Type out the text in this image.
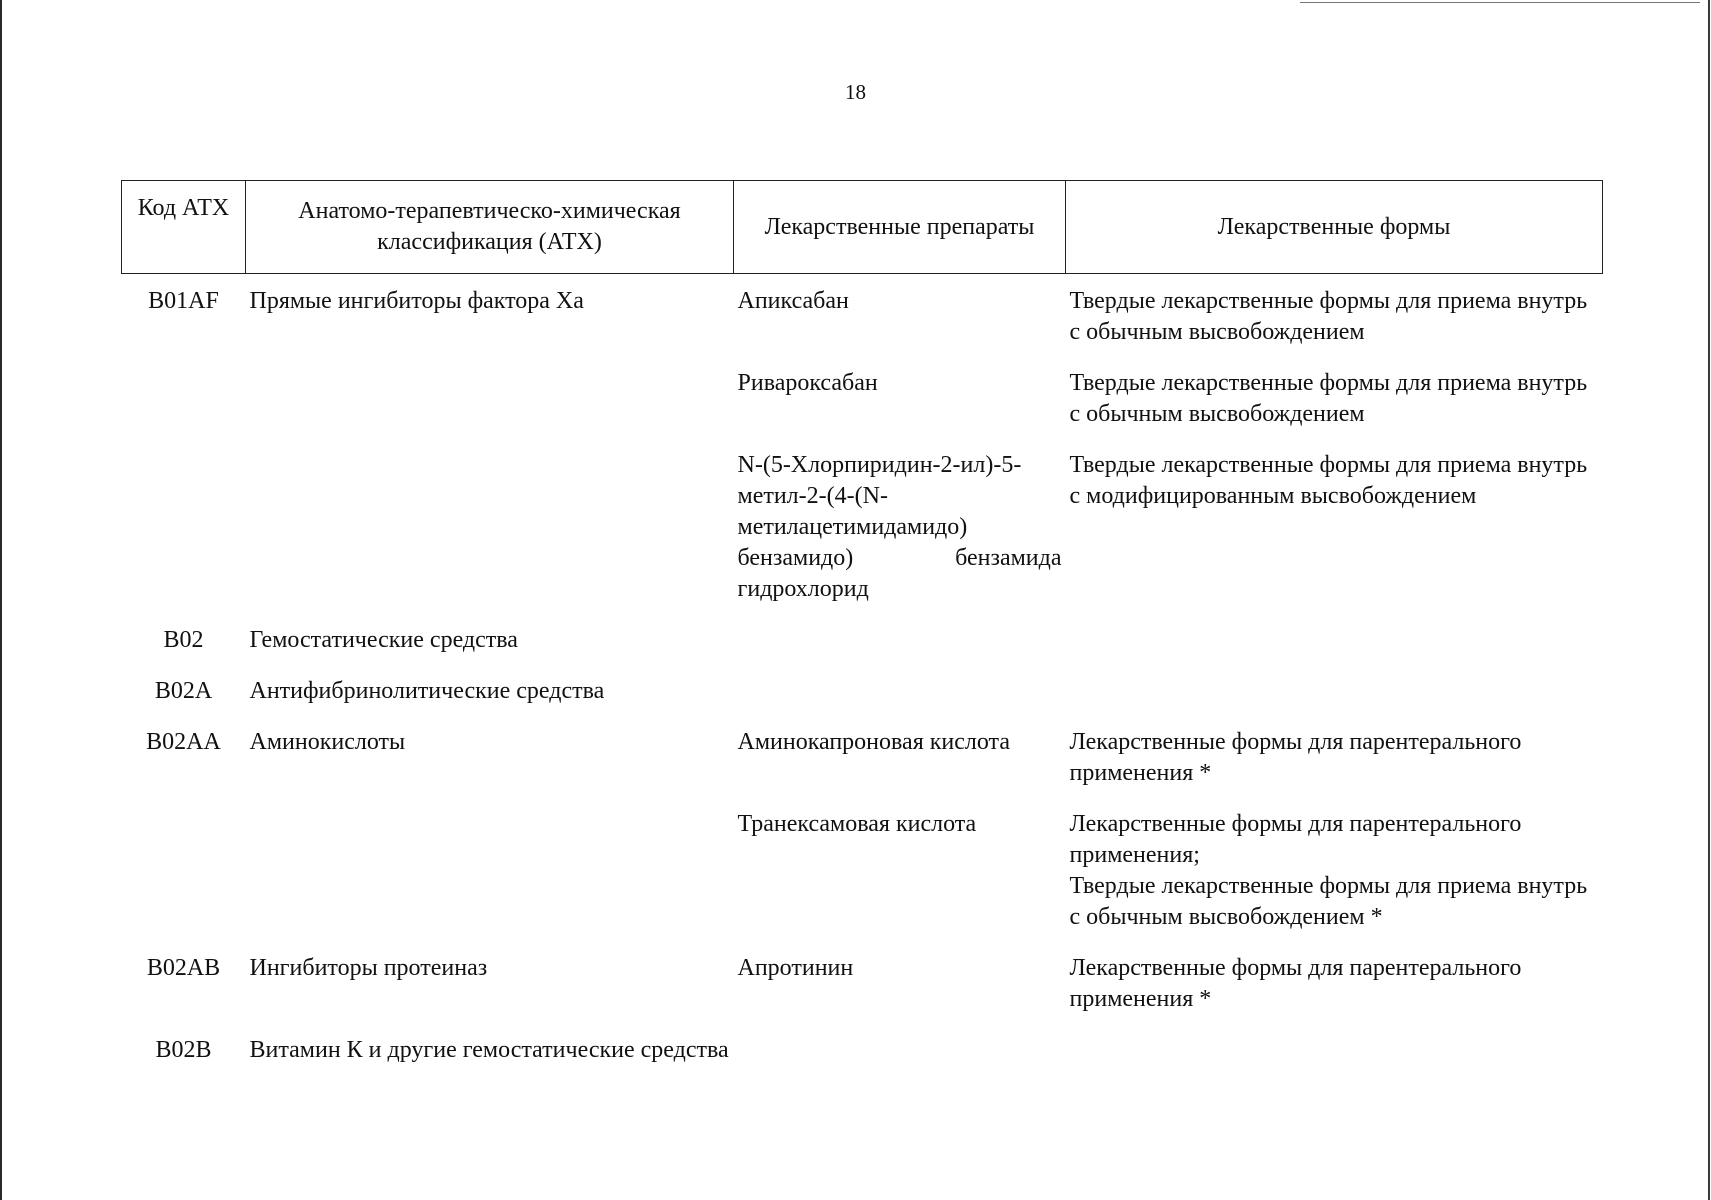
18
Код АТХ	Анатомо-терапевтическо-химическая классификация (АТХ)	Лекарственные препараты	Лекарственные формы
B01AF	Прямые ингибиторы фактора Ха	Апиксабан	Твердые лекарственные формы для приема внутрь с обычным высвобождением

		Ривароксабан	Твердые лекарственные формы для приема внутрь с обычным высвобождением

		N-(5-Хлорпиридин-2-ил)-5-метил-2-(4-(N-метилацетимидамидо) бензамидо) бензамида гидрохлорид	Твердые лекарственные формы для приема внутрь с модифицированным высвобождением

B02	Гемостатические средства		
B02A	Антифибринолитические средства		
B02AA	Аминокислоты	Аминокапроновая кислота	Лекарственные формы для парентерального применения *

		Транексамовая кислота	Лекарственные формы для парентерального применения;
Твердые лекарственные формы для приема внутрь с обычным высвобождением *

B02AB	Ингибиторы протеиназ	Апротинин	Лекарственные формы для парентерального применения *

B02B	Витамин К и другие гемостатические средства		
